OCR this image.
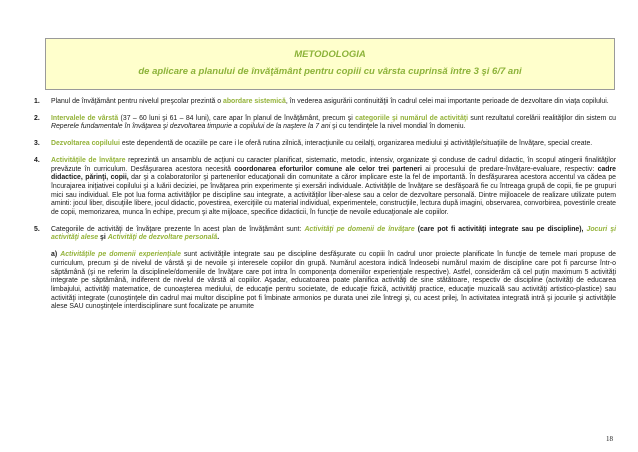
METODOLOGIA
de aplicare a planului de învăţământ pentru copiii cu vârsta cuprinsă între 3 şi 6/7 ani
1. Planul de învăţământ pentru nivelul preşcolar prezintă o abordare sistemică, în vederea asigurării continuităţii în cadrul celei mai importante perioade de dezvoltare din viaţa copilului.
2. Intervalele de vârstă (37 – 60 luni şi 61 – 84 luni), care apar în planul de învăţământ, precum şi categoriile şi numărul de activităţi sunt rezultatul corelării realităţilor din sistem cu Reperele fundamentale în învăţarea şi dezvoltarea timpurie a copilului de la naştere la 7 ani şi cu tendinţele la nivel mondial în domeniu.
3. Dezvoltarea copilului este dependentă de ocaziile pe care i le oferă rutina zilnică, interacţiunile cu ceilalţi, organizarea mediului şi activităţile/situaţiile de învăţare, special create.
4. Activităţile de învăţare reprezintă un ansamblu de acţiuni cu caracter planificat, sistematic, metodic, intensiv, organizate şi conduse de cadrul didactic, în scopul atingerii finalităţilor prevăzute în curriculum. Desfăşurarea acestora necesită coordonarea eforturilor comune ale celor trei parteneri ai procesului de predare-învăţare-evaluare, respectiv: cadre didactice, părinţi, copii, dar şi a colaboratorilor şi partenerilor educaţionali din comunitate a căror implicare este la fel de importantă. În desfăşurarea acestora accentul va cădea pe încurajarea iniţiativei copilului şi a luării deciziei, pe învăţarea prin experimente şi exersări individuale. Activităţile de învăţare se desfăşoară fie cu întreaga grupă de copii, fie pe grupuri mici sau individual. Ele pot lua forma activităţilor pe discipline sau integrate, a activităţilor liber-alese sau a celor de dezvoltare personală. Dintre mijloacele de realizare utilizate putem aminti: jocul liber, discuţiile libere, jocul didactic, povestirea, exerciţiile cu material individual, experimentele, construcţiile, lectura după imagini, observarea, convorbirea, povestirile create de copii, memorizarea, munca în echipe, precum şi alte mijloace, specifice didacticii, în funcţie de nevoile educaţionale ale copiilor.
5. Categoriile de activităţi de învăţare prezente în acest plan de învăţământ sunt: Activităţi pe domenii de învăţare (care pot fi activităţi integrate sau pe discipline), Jocuri şi activităţi alese şi Activităţi de dezvoltare personală.
a) Activităţile pe domenii experienţiale sunt activităţile integrate sau pe discipline desfăşurate cu copiii în cadrul unor proiecte planificate în funcţie de temele mari propuse de curriculum, precum şi de nivelul de vârstă şi de nevoile şi interesele copiilor din grupă. Numărul acestora indică îndeosebi numărul maxim de discipline care pot fi parcurse într-o săptămână (şi ne referim la disciplinele/domeniile de învăţare care pot intra în componenţa domeniilor experienţiale respective). Astfel, considerăm că cel puţin maximum 5 activităţi integrate pe săptămână, indiferent de nivelul de vârstă al copiilor. Aşadar, educatoarea poate planifica activităţi de sine stătătoare, respectiv de discipline (activităţi de educarea limbajului, activităţi matematice, de cunoaşterea mediului, de educaţie pentru societate, de educaţie fizică, activităţi practice, educaţie muzicală sau activităţi artistico-plastice) sau activităţi integrate (cunoştinţele din cadrul mai multor discipline pot fi îmbinate armonios pe durata unei zile întregi şi, cu acest prilej, în activitatea integrată intră şi jocurile şi activităţile alese SAU cunoştinţele interdisciplinare sunt focalizate pe anumite
18
